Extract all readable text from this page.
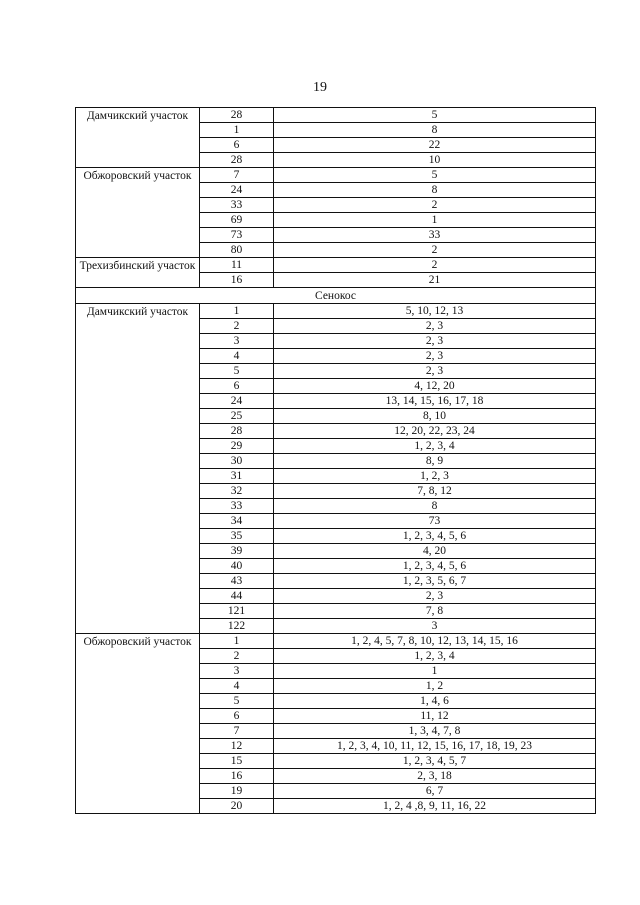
19
Дамчикский участок	28	5
	1	8
	6	22
	28	10
Обжоровский участок	7	5
	24	8
	33	2
	69	1
	73	33
	80	2
Трехизбинский участок	11	2
	16	21
Сенокос		
Дамчикский участок	1	5, 10, 12, 13
	2	2, 3
	3	2, 3
	4	2, 3
	5	2, 3
	6	4, 12, 20
	24	13, 14, 15, 16, 17, 18
	25	8, 10
	28	12, 20, 22, 23, 24
	29	1, 2, 3, 4
	30	8, 9
	31	1, 2, 3
	32	7, 8, 12
	33	8
	34	73
	35	1, 2, 3, 4, 5, 6
	39	4, 20
	40	1, 2, 3, 4, 5, 6
	43	1, 2, 3, 5, 6, 7
	44	2, 3
	121	7, 8
	122	3
Обжоровский участок	1	1, 2, 4, 5, 7, 8, 10, 12, 13, 14, 15, 16
	2	1, 2, 3, 4
	3	1
	4	1, 2
	5	1, 4, 6
	6	11, 12
	7	1, 3, 4, 7, 8
	12	1, 2, 3, 4, 10, 11, 12, 15, 16, 17, 18, 19, 23
	15	1, 2, 3, 4, 5, 7
	16	2, 3, 18
	19	6, 7
	20	1, 2, 4 ,8, 9, 11, 16, 22
